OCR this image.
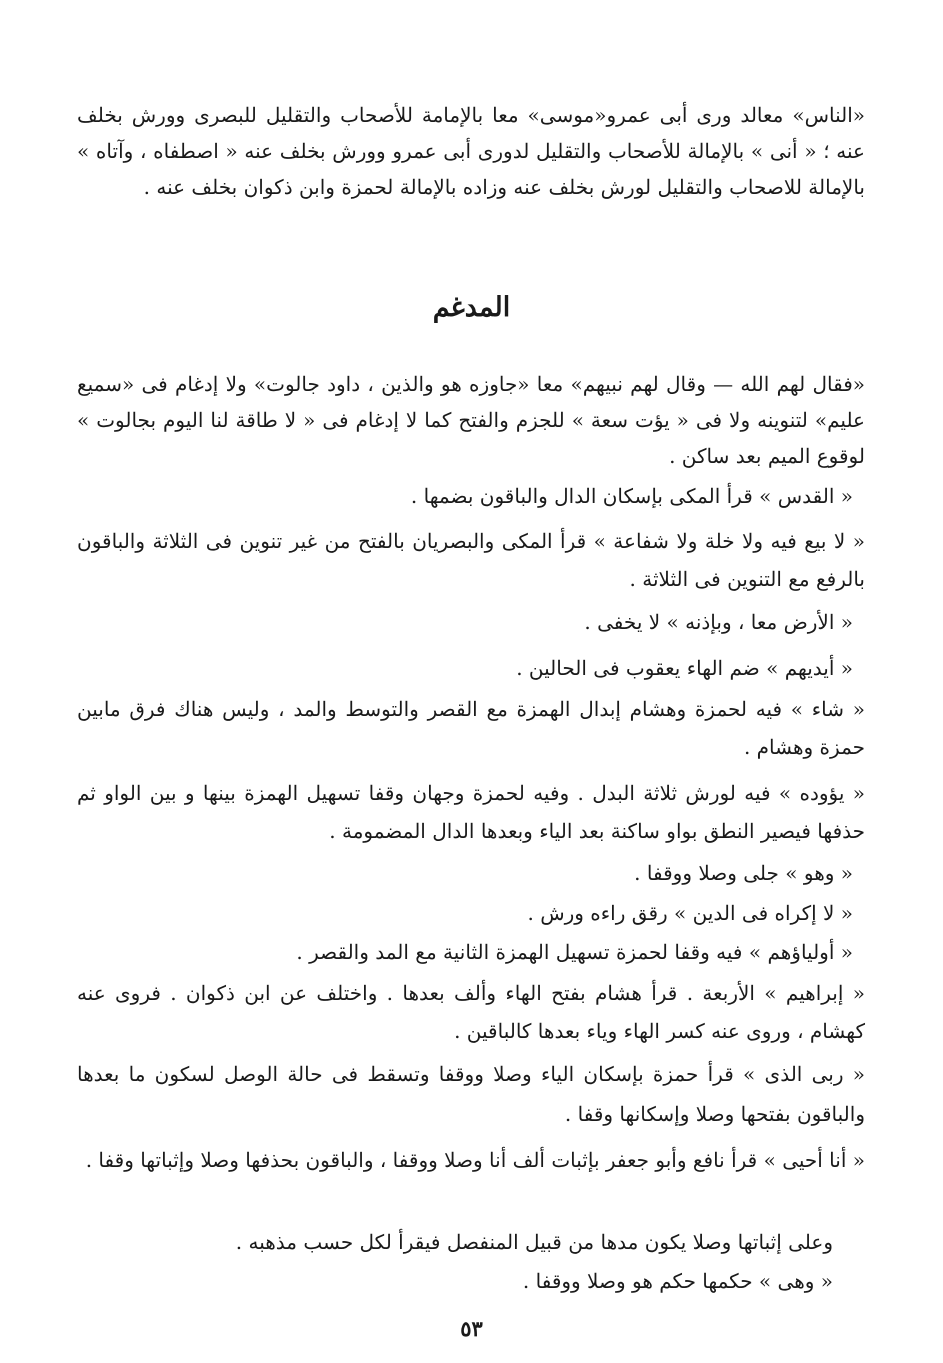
«الناس» معالد ورى أبى عمرو«موسى» معا بالإمامة للأصحاب والتقليل للبصرى وورش بخلف عنه ؛ « أنى » بالإمالة للأصحاب والتقليل لدورى أبى عمرو وورش بخلف عنه « اصطفاه ، وآتاه » بالإمالة للاصحاب والتقليل لورش بخلف عنه وزاده بالإمالة لحمزة وابن ذكوان بخلف عنه .

المدغم

«فقال لهم الله — وقال لهم نبيهم» معا «جاوزه هو والذين ، داود جالوت» ولا إدغام فى «سميع عليم» لتنوينه ولا فى « يؤت سعة » للجزم والفتح كما لا إدغام فى « لا طاقة لنا اليوم بجالوت » لوقوع الميم بعد ساكن .

« القدس » قرأ المكى بإسكان الدال والباقون بضمها .

« لا بيع فيه ولا خلة ولا شفاعة » قرأ المكى والبصريان بالفتح من غير تنوين فى الثلاثة والباقون بالرفع مع التنوين فى الثلاثة .

« الأرض معا ، وبإذنه » لا يخفى .

« أيديهم » ضم الهاء يعقوب فى الحالين .

« شاء » فيه لحمزة وهشام إبدال الهمزة مع القصر والتوسط والمد ، وليس هناك فرق مابين حمزة وهشام .

« يؤوده » فيه لورش ثلاثة البدل . وفيه لحمزة وجهان وقفا تسهيل الهمزة بينها و بين الواو ثم حذفها فيصير النطق بواو ساكنة بعد الياء وبعدها الدال المضمومة .

« وهو » جلى وصلا ووقفا .

« لا إكراه فى الدين » رقق راءه ورش .

« أولياؤهم » فيه وقفا لحمزة تسهيل الهمزة الثانية مع المد والقصر .

« إبراهيم » الأربعة . قرأ هشام بفتح الهاء وألف بعدها . واختلف عن ابن ذكوان . فروى عنه كهشام ، وروى عنه كسر الهاء وياء بعدها كالباقين .

« ربى الذى » قرأ حمزة بإسكان الياء وصلا ووقفا وتسقط فى حالة الوصل لسكون ما بعدها والباقون بفتحها وصلا وإسكانها وقفا .

« أنا أحيى » قرأ نافع وأبو جعفر بإثبات ألف أنا وصلا ووقفا ، والباقون بحذفها وصلا وإثباتها وقفا .

وعلى إثباتها وصلا يكون مدها من قبيل المنفصل فيقرأ لكل حسب مذهبه .

« وهى » حكمها حكم هو وصلا ووقفا .

٥٣
